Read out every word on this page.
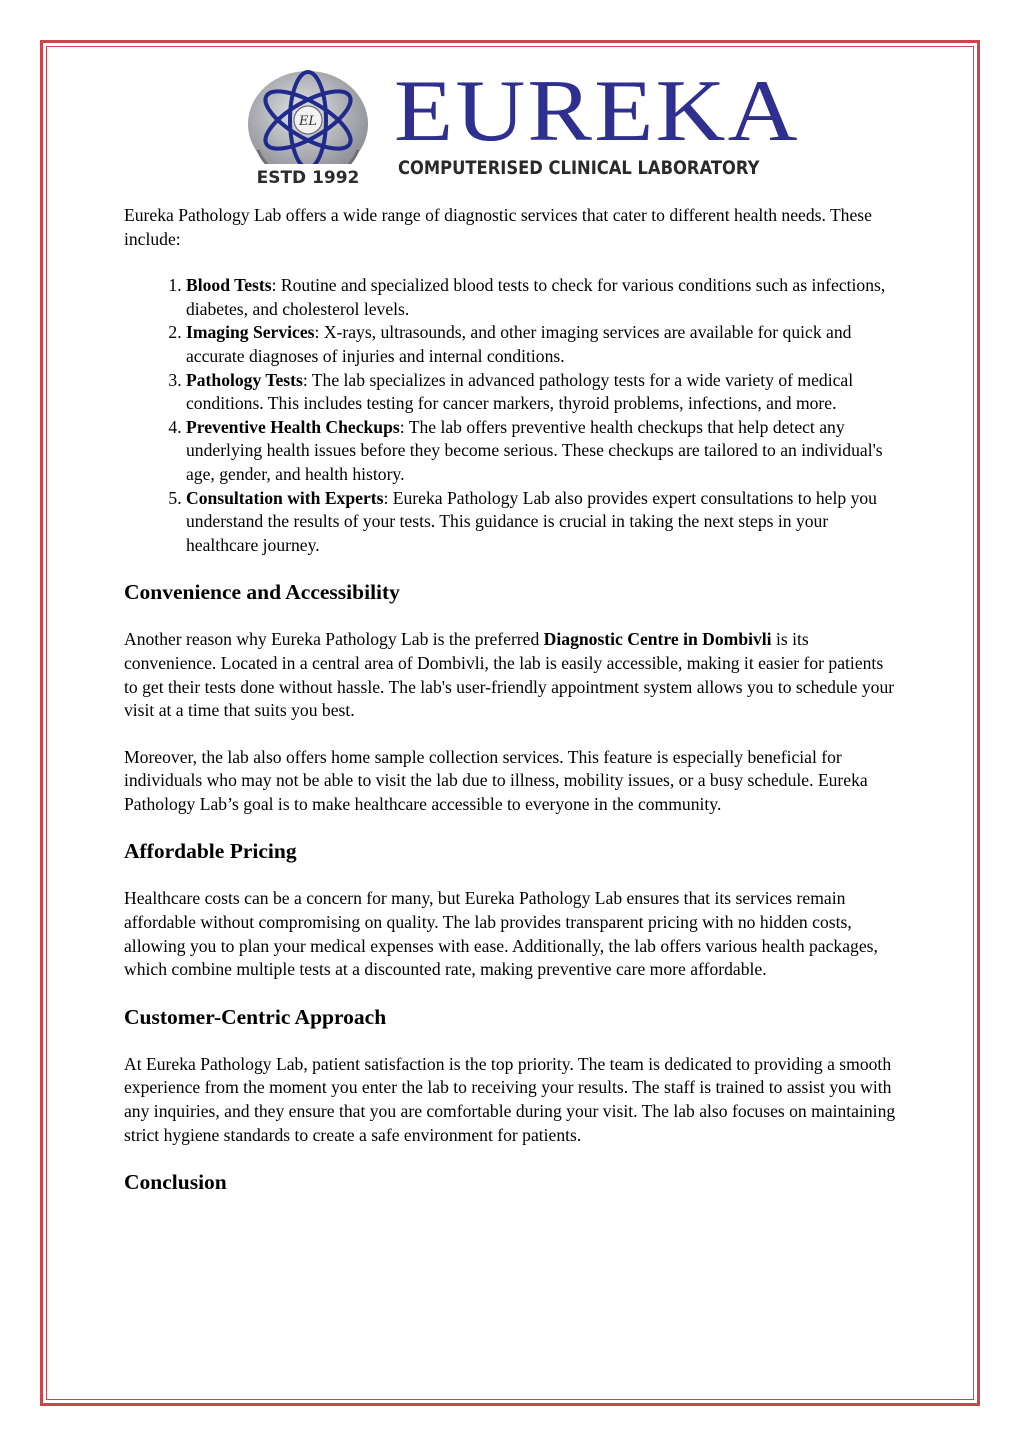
EL
ESTD 1992
EUREKA
COMPUTERISED CLINICAL LABORATORY

Eureka Pathology Lab offers a wide range of diagnostic services that cater to different health needs. These include:

1. Blood Tests: Routine and specialized blood tests to check for various conditions such as infections, diabetes, and cholesterol levels.
2. Imaging Services: X-rays, ultrasounds, and other imaging services are available for quick and accurate diagnoses of injuries and internal conditions.
3. Pathology Tests: The lab specializes in advanced pathology tests for a wide variety of medical conditions. This includes testing for cancer markers, thyroid problems, infections, and more.
4. Preventive Health Checkups: The lab offers preventive health checkups that help detect any underlying health issues before they become serious. These checkups are tailored to an individual's age, gender, and health history.
5. Consultation with Experts: Eureka Pathology Lab also provides expert consultations to help you understand the results of your tests. This guidance is crucial in taking the next steps in your healthcare journey.
Convenience and Accessibility

Another reason why Eureka Pathology Lab is the preferred Diagnostic Centre in Dombivli is its convenience. Located in a central area of Dombivli, the lab is easily accessible, making it easier for patients to get their tests done without hassle. The lab's user-friendly appointment system allows you to schedule your visit at a time that suits you best.

Moreover, the lab also offers home sample collection services. This feature is especially beneficial for individuals who may not be able to visit the lab due to illness, mobility issues, or a busy schedule. Eureka Pathology Lab’s goal is to make healthcare accessible to everyone in the community.

Affordable Pricing

Healthcare costs can be a concern for many, but Eureka Pathology Lab ensures that its services remain affordable without compromising on quality. The lab provides transparent pricing with no hidden costs, allowing you to plan your medical expenses with ease. Additionally, the lab offers various health packages, which combine multiple tests at a discounted rate, making preventive care more affordable.

Customer-Centric Approach

At Eureka Pathology Lab, patient satisfaction is the top priority. The team is dedicated to providing a smooth experience from the moment you enter the lab to receiving your results. The staff is trained to assist you with any inquiries, and they ensure that you are comfortable during your visit. The lab also focuses on maintaining strict hygiene standards to create a safe environment for patients.

Conclusion
